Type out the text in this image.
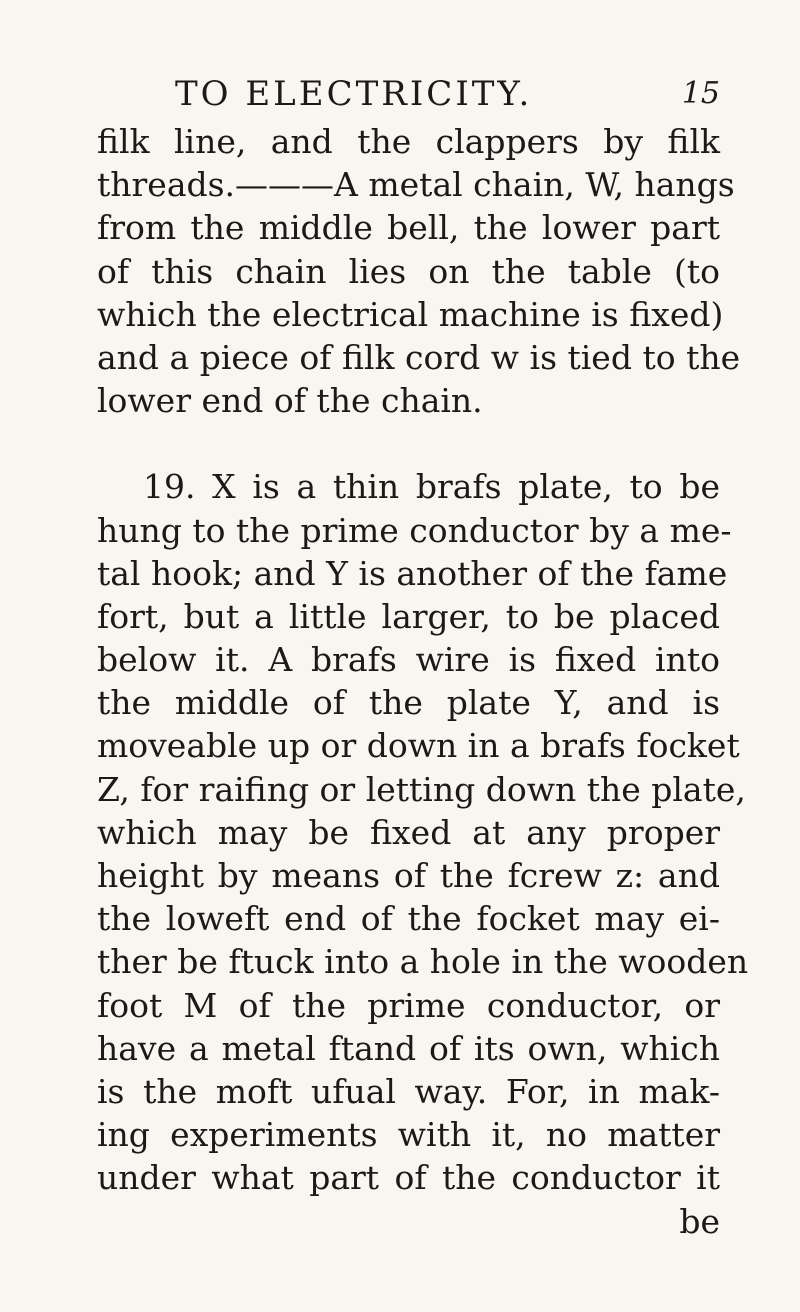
TO ELECTRICITY.	15
filk line, and the clappers by filk
threads.———A metal chain, W, hangs
from the middle bell, the lower part
of this chain lies on the table (to
which the electrical machine is fixed)
and a piece of filk cord w is tied to the
lower end of the chain.
19. X is a thin brafs plate, to be
hung to the prime conductor by a me-
tal hook; and Y is another of the fame
fort, but a little larger, to be placed
below it. A brafs wire is fixed into
the middle of the plate Y, and is
moveable up or down in a brafs focket
Z, for raifing or letting down the plate,
which may be fixed at any proper
height by means of the fcrew z: and
the loweft end of the focket may ei-
ther be ftuck into a hole in the wooden
foot M of the prime conductor, or
have a metal ftand of its own, which
is the moft ufual way. For, in mak-
ing experiments with it, no matter
under what part of the conductor it
be
